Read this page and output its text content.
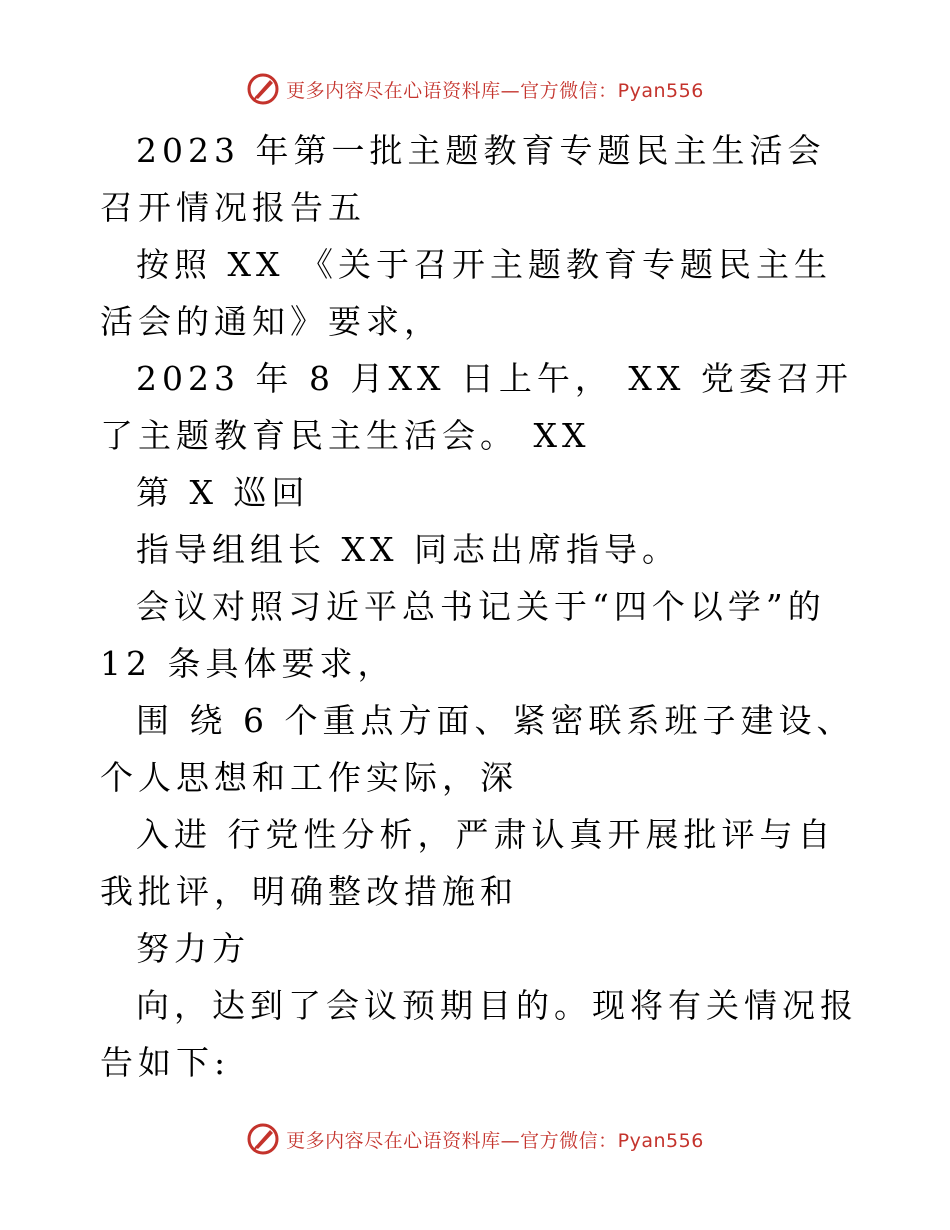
更多内容尽在心语资料库—官方微信：Pyan556

2023 年第一批主题教育专题民主生活会召开情况报告五

按照 XX 《关于召开主题教育专题民主生活会的通知》要求，

2023 年 8 月XX 日上午， XX 党委召开了主题教育民主生活会。 XX

第 X 巡回

指导组组长 XX 同志出席指导。

会议对照习近平总书记关于“四个以学”的 12 条具体要求，

围 绕 6 个重点方面、紧密联系班子建设、个人思想和工作实际，深

入进 行党性分析，严肃认真开展批评与自我批评，明确整改措施和

努力方

向，达到了会议预期目的。现将有关情况报告如下:

更多内容尽在心语资料库—官方微信：Pyan556
